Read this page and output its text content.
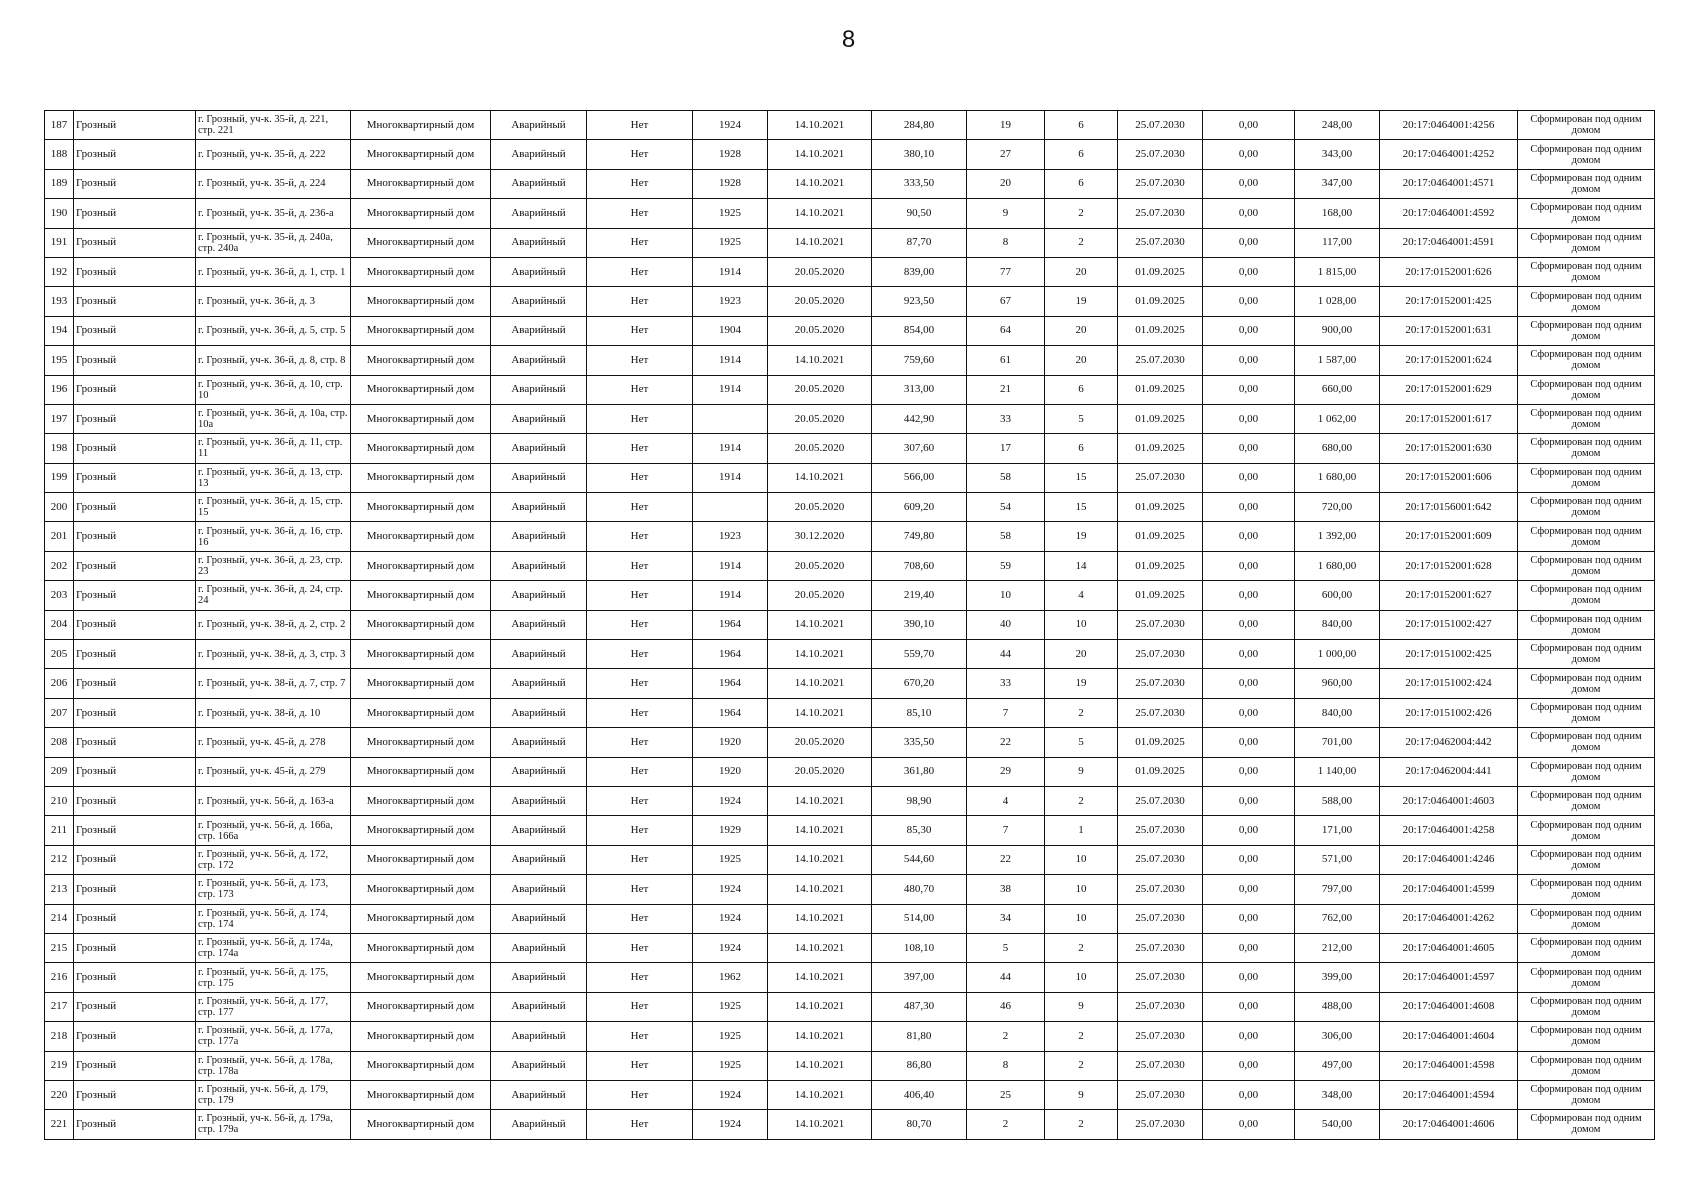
8
187	Грозный	г. Грозный, уч-к. 35-й, д. 221, стр. 221	Многоквартирный дом	Аварийный	Нет	1924	14.10.2021	284,80	19	6	25.07.2030	0,00	248,00	20:17:0464001:4256	Сформирован под одним домом
188	Грозный	г. Грозный, уч-к. 35-й, д. 222	Многоквартирный дом	Аварийный	Нет	1928	14.10.2021	380,10	27	6	25.07.2030	0,00	343,00	20:17:0464001:4252	Сформирован под одним домом
189	Грозный	г. Грозный, уч-к. 35-й, д. 224	Многоквартирный дом	Аварийный	Нет	1928	14.10.2021	333,50	20	6	25.07.2030	0,00	347,00	20:17:0464001:4571	Сформирован под одним домом
190	Грозный	г. Грозный, уч-к. 35-й, д. 236-а	Многоквартирный дом	Аварийный	Нет	1925	14.10.2021	90,50	9	2	25.07.2030	0,00	168,00	20:17:0464001:4592	Сформирован под одним домом
191	Грозный	г. Грозный, уч-к. 35-й, д. 240а, стр. 240а	Многоквартирный дом	Аварийный	Нет	1925	14.10.2021	87,70	8	2	25.07.2030	0,00	117,00	20:17:0464001:4591	Сформирован под одним домом
192	Грозный	г. Грозный, уч-к. 36-й, д. 1, стр. 1	Многоквартирный дом	Аварийный	Нет	1914	20.05.2020	839,00	77	20	01.09.2025	0,00	1 815,00	20:17:0152001:626	Сформирован под одним домом
193	Грозный	г. Грозный, уч-к. 36-й, д. 3	Многоквартирный дом	Аварийный	Нет	1923	20.05.2020	923,50	67	19	01.09.2025	0,00	1 028,00	20:17:0152001:425	Сформирован под одним домом
194	Грозный	г. Грозный, уч-к. 36-й, д. 5, стр. 5	Многоквартирный дом	Аварийный	Нет	1904	20.05.2020	854,00	64	20	01.09.2025	0,00	900,00	20:17:0152001:631	Сформирован под одним домом
195	Грозный	г. Грозный, уч-к. 36-й, д. 8, стр. 8	Многоквартирный дом	Аварийный	Нет	1914	14.10.2021	759,60	61	20	25.07.2030	0,00	1 587,00	20:17:0152001:624	Сформирован под одним домом
196	Грозный	г. Грозный, уч-к. 36-й, д. 10, стр. 10	Многоквартирный дом	Аварийный	Нет	1914	20.05.2020	313,00	21	6	01.09.2025	0,00	660,00	20:17:0152001:629	Сформирован под одним домом
197	Грозный	г. Грозный, уч-к. 36-й, д. 10а, стр. 10а	Многоквартирный дом	Аварийный	Нет		20.05.2020	442,90	33	5	01.09.2025	0,00	1 062,00	20:17:0152001:617	Сформирован под одним домом
198	Грозный	г. Грозный, уч-к. 36-й, д. 11, стр. 11	Многоквартирный дом	Аварийный	Нет	1914	20.05.2020	307,60	17	6	01.09.2025	0,00	680,00	20:17:0152001:630	Сформирован под одним домом
199	Грозный	г. Грозный, уч-к. 36-й, д. 13, стр. 13	Многоквартирный дом	Аварийный	Нет	1914	14.10.2021	566,00	58	15	25.07.2030	0,00	1 680,00	20:17:0152001:606	Сформирован под одним домом
200	Грозный	г. Грозный, уч-к. 36-й, д. 15, стр. 15	Многоквартирный дом	Аварийный	Нет		20.05.2020	609,20	54	15	01.09.2025	0,00	720,00	20:17:0156001:642	Сформирован под одним домом
201	Грозный	г. Грозный, уч-к. 36-й, д. 16, стр. 16	Многоквартирный дом	Аварийный	Нет	1923	30.12.2020	749,80	58	19	01.09.2025	0,00	1 392,00	20:17:0152001:609	Сформирован под одним домом
202	Грозный	г. Грозный, уч-к. 36-й, д. 23, стр. 23	Многоквартирный дом	Аварийный	Нет	1914	20.05.2020	708,60	59	14	01.09.2025	0,00	1 680,00	20:17:0152001:628	Сформирован под одним домом
203	Грозный	г. Грозный, уч-к. 36-й, д. 24, стр. 24	Многоквартирный дом	Аварийный	Нет	1914	20.05.2020	219,40	10	4	01.09.2025	0,00	600,00	20:17:0152001:627	Сформирован под одним домом
204	Грозный	г. Грозный, уч-к. 38-й, д. 2, стр. 2	Многоквартирный дом	Аварийный	Нет	1964	14.10.2021	390,10	40	10	25.07.2030	0,00	840,00	20:17:0151002:427	Сформирован под одним домом
205	Грозный	г. Грозный, уч-к. 38-й, д. 3, стр. 3	Многоквартирный дом	Аварийный	Нет	1964	14.10.2021	559,70	44	20	25.07.2030	0,00	1 000,00	20:17:0151002:425	Сформирован под одним домом
206	Грозный	г. Грозный, уч-к. 38-й, д. 7, стр. 7	Многоквартирный дом	Аварийный	Нет	1964	14.10.2021	670,20	33	19	25.07.2030	0,00	960,00	20:17:0151002:424	Сформирован под одним домом
207	Грозный	г. Грозный, уч-к. 38-й, д. 10	Многоквартирный дом	Аварийный	Нет	1964	14.10.2021	85,10	7	2	25.07.2030	0,00	840,00	20:17:0151002:426	Сформирован под одним домом
208	Грозный	г. Грозный, уч-к. 45-й, д. 278	Многоквартирный дом	Аварийный	Нет	1920	20.05.2020	335,50	22	5	01.09.2025	0,00	701,00	20:17:0462004:442	Сформирован под одним домом
209	Грозный	г. Грозный, уч-к. 45-й, д. 279	Многоквартирный дом	Аварийный	Нет	1920	20.05.2020	361,80	29	9	01.09.2025	0,00	1 140,00	20:17:0462004:441	Сформирован под одним домом
210	Грозный	г. Грозный, уч-к. 56-й, д. 163-а	Многоквартирный дом	Аварийный	Нет	1924	14.10.2021	98,90	4	2	25.07.2030	0,00	588,00	20:17:0464001:4603	Сформирован под одним домом
211	Грозный	г. Грозный, уч-к. 56-й, д. 166а, стр. 166а	Многоквартирный дом	Аварийный	Нет	1929	14.10.2021	85,30	7	1	25.07.2030	0,00	171,00	20:17:0464001:4258	Сформирован под одним домом
212	Грозный	г. Грозный, уч-к. 56-й, д. 172, стр. 172	Многоквартирный дом	Аварийный	Нет	1925	14.10.2021	544,60	22	10	25.07.2030	0,00	571,00	20:17:0464001:4246	Сформирован под одним домом
213	Грозный	г. Грозный, уч-к. 56-й, д. 173, стр. 173	Многоквартирный дом	Аварийный	Нет	1924	14.10.2021	480,70	38	10	25.07.2030	0,00	797,00	20:17:0464001:4599	Сформирован под одним домом
214	Грозный	г. Грозный, уч-к. 56-й, д. 174, стр. 174	Многоквартирный дом	Аварийный	Нет	1924	14.10.2021	514,00	34	10	25.07.2030	0,00	762,00	20:17:0464001:4262	Сформирован под одним домом
215	Грозный	г. Грозный, уч-к. 56-й, д. 174а, стр. 174а	Многоквартирный дом	Аварийный	Нет	1924	14.10.2021	108,10	5	2	25.07.2030	0,00	212,00	20:17:0464001:4605	Сформирован под одним домом
216	Грозный	г. Грозный, уч-к. 56-й, д. 175, стр. 175	Многоквартирный дом	Аварийный	Нет	1962	14.10.2021	397,00	44	10	25.07.2030	0,00	399,00	20:17:0464001:4597	Сформирован под одним домом
217	Грозный	г. Грозный, уч-к. 56-й, д. 177, стр. 177	Многоквартирный дом	Аварийный	Нет	1925	14.10.2021	487,30	46	9	25.07.2030	0,00	488,00	20:17:0464001:4608	Сформирован под одним домом
218	Грозный	г. Грозный, уч-к. 56-й, д. 177а, стр. 177а	Многоквартирный дом	Аварийный	Нет	1925	14.10.2021	81,80	2	2	25.07.2030	0,00	306,00	20:17:0464001:4604	Сформирован под одним домом
219	Грозный	г. Грозный, уч-к. 56-й, д. 178а, стр. 178а	Многоквартирный дом	Аварийный	Нет	1925	14.10.2021	86,80	8	2	25.07.2030	0,00	497,00	20:17:0464001:4598	Сформирован под одним домом
220	Грозный	г. Грозный, уч-к. 56-й, д. 179, стр. 179	Многоквартирный дом	Аварийный	Нет	1924	14.10.2021	406,40	25	9	25.07.2030	0,00	348,00	20:17:0464001:4594	Сформирован под одним домом
221	Грозный	г. Грозный, уч-к. 56-й, д. 179а, стр. 179а	Многоквартирный дом	Аварийный	Нет	1924	14.10.2021	80,70	2	2	25.07.2030	0,00	540,00	20:17:0464001:4606	Сформирован под одним домом
